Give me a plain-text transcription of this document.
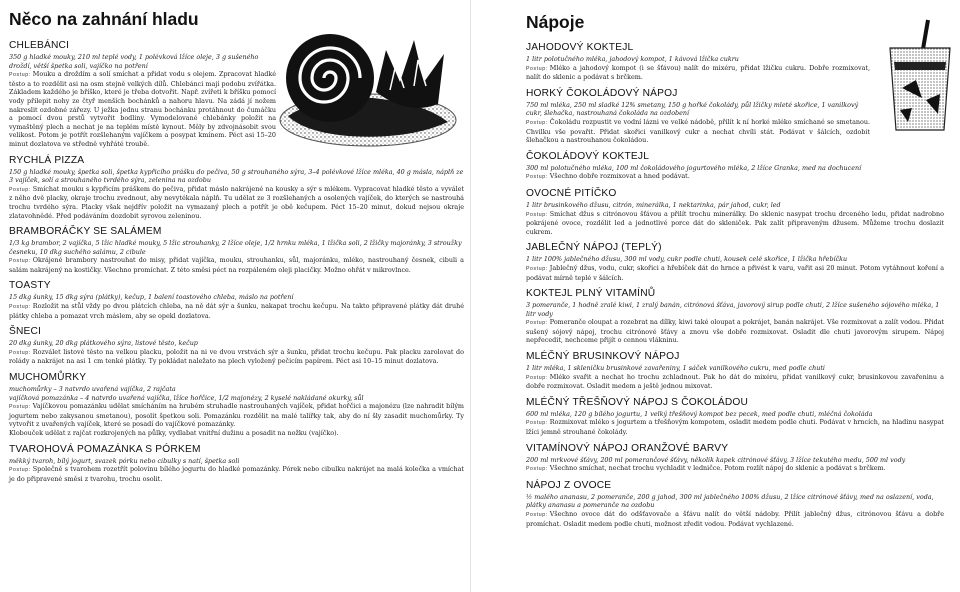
Něco na zahnání hladu
CHLEBÁNCI
350 g hladké mouky, 210 ml teplé vody, 1 polévková lžíce oleje, 3 g sušeného droždí, větší špetka soli, vajíčko na potření
Postup: Mouku a droždím a solí smíchat a přidat vodu s olejem. Zpracovat hladké těsto a to rozdělit asi na osm stejně velkých dílů. Chlebánci mají podobu zvířátka. Základem každého je bříško, které je třeba dotvořit. Např. zvířeti k bříšku pomocí vody přilepit nohy ze čtyř menších bochánků a nahoru hlavu. Na zádá jí nožem nakreslit ozdobné zářezy. U ježka jednu stranu bochánku protáhnout do čumáčku a pomocí dvou prstů vytvořit bodliny. Vymodelované chlebánky položit na vymaštěný plech a nechat je na teplém místě kynout. Měly by zdvojnásobit svou velikost. Potom je potřít rozšlehaným vajíčkem a posypat kmínem. Péct asi 15–20 minut dozlatova ve středně vyhřáté troubě.
RYCHLÁ PIZZA
150 g hladké mouky, špetka soli, špetka kypřicího prášku do pečiva, 50 g strouhaného sýra, 3–4 polévkové lžíce mléka, 40 g másla, náplň ze 3 vajíček, solí a strouhaného tvrdého sýra, zelenina na ozdobu
Postup: Smíchat mouku s kypřicím práškem do pečiva, přidat máslo nakrájené na kousky a sýr s mlékem. Vypracovat hladké těsto a vyválet z něho dvě placky, okraje trochu zvednout, aby nevytékala náplň. Tu udělat ze 3 rozšlehaných a osolených vajíček, do kterých se nastrouhá trochu tvrdého sýra. Placky však nejdřív položit na vymazaný plech a potřít je obě kečupem. Péct 15–20 minut, dokud nejsou okraje zlatavohnědé. Před podáváním dozdobit syrovou zeleninou.
BRAMBORÁČKY SE SALÁMEM
1/3 kg brambor, 2 vajíčka, 5 lžic hladké mouky, 5 lžic strouhanky, 2 lžíce oleje, 1/2 hrnku mléka, 1 lžička soli, 2 lžičky majoránky, 3 stroužky česneku, 10 dkg suchého salámu, 2 cibule
Postup: Okrájené brambory nastrouhat do misy, přidat vajíčka, mouku, strouhanku, sůl, majoránku, mléko, nastrouhaný česnek, cibuli a salám nakrájený na kostičky. Všechno promíchat. Z této směsi péct na rozpáleném oleji placičky. Možno ohřát v mikrovlnce.
TOASTY
15 dkg šunky, 15 dkg sýra (plátky), kečup, 1 balení toastového chleba, máslo na potření
Postup: Rozložit na stůl vždy po dvou plátcích chleba, na ně dát sýr a šunku, nakapat trochu kečupu. Na takto připravené plátky dát druhé plátky chleba a pomazat vrch máslem, aby se opekl dozlatova.
ŠNECI
20 dkg šunky, 20 dkg plátkového sýra, listové těsto, kečup
Postup: Rozválet listové těsto na velkou placku, položit na ni ve dvou vrstvách sýr a šunku, přidat trochu kečupu. Pak placku zarolovat do rolády a nakrájet na asi 1 cm tenké plátky. Ty pokládat naležato na plech vyložený pečicím papírem. Péct asi 10–15 minut dozlatova.
MUCHOMŮRKY
muchomůrky – 3 natvrdo uvařená vajíčka, 2 rajčata
vajíčková pomazánka – 4 natvrdo uvařená vajíčka, lžíce hořčice, 1/2 majonézy, 2 kyselé nakládané okurky, sůl
Postup: Vajíčkovou pomazánku udělat smícháním na hrubém struhadle nastrouhaných vajíček, přidat hořčici a majonézu (lze nahradit bílým jogurtem nebo zakysanou smetanou), posolit špetkou soli. Pomazánku rozdělit na malé talířky tak, aby do ní šly zasadit muchomůrky. Ty vytvořit z uvařených vajíček, které se posadí do vajíčkové pomazánky.
Klobouček udělat z rajčat rozkrojených na půlky, vydlabat vnitřní dužinu a posadit na nožku (vajíčko).
TVAROHOVÁ POMAZÁNKA S PÓRKEM
měkký tvaroh, bílý jogurt, svazek pórku nebo cibulky s natí, špetka soli
Postup: Společně s tvarohem rozetřít polovinu bílého jogurtu do hladké pomazánky. Pórek nebo cibulku nakrájet na malá kolečka a vmíchat je do připravené směsi z tvarohu, trochu osolit.
Nápoje
JAHODOVÝ KOKTEJL
1 litr polotučného mléka, jahodový kompot, 1 kávová lžička cukru
Postup: Mléko a jahodový kompot (i se šťávou) nalít do mixéru, přidat lžičku cukru. Dobře rozmixovat, nalít do sklenic a podávat s brčkem.
HORKÝ ČOKOLÁDOVÝ NÁPOJ
750 ml mléka, 250 ml sladké 12% smetany, 150 g hořké čokolády, půl lžičky mleté skořice, 1 vanilkový cukr, šlehačka, nastrouhaná čokoláda na ozdobení
Postup: Čokoládu rozpustit ve vodní lázni ve velké nádobě, přilít k ní horké mléko smíchané se smetanou. Chvilku vše povařit. Přidat skořici vanilkový cukr a nechat chvíli stát. Podávat v šálcích, ozdobit šlehačkou a nastrouhanou čokoládou.
ČOKOLÁDOVÝ KOKTEJL
300 ml polotučného mléka, 100 ml čokoládového jogurtového mléka, 2 lžíce Granka, med na dochucení
Postup: Všechno dobře rozmixovat a hned podávat.
OVOCNÉ PITÍČKO
1 litr brusinkového džusu, citrón, minerálka, 1 nektarinka, pár jahod, cukr, led
Postup: Smíchat džus s citrónovou šťávou a přilít trochu minerálky. Do sklenic nasypat trochu drceného ledu, přidat nadrobno pokrájené ovoce, rozdělit led a jednotlivé porce dát do skleniček. Pak zalít připraveným džusem. Můžeme trochu doslazit cukrem.
JABLEČNÝ NÁPOJ (TEPLÝ)
1 litr 100% jablečného džusu, 300 ml vody, cukr podle chuti, kousek celé skořice, 1 lžička hřebíčku
Postup: Jablečný džus, vodu, cukr, skořici a hřebíček dát do hrnce a přivést k varu, vařit asi 20 minut. Potom vytáhnout koření a podávat mírně teplé v šálcích.
KOKTEJL PLNÝ VITAMÍNŮ
3 pomeranče, 1 hodně zralé kiwi, 1 zralý banán, citrónová šťáva, javorový sirup podle chuti, 2 lžíce sušeného sójového mléka, 1 litr vody
Postup: Pomeranče oloupat a rozebrat na dílky, kiwi také oloupat a pokrájet, banán nakrájet. Vše rozmixovat a zalít vodou. Přidat sušený sójový nápoj, trochu citrónové šťávy a znovu vše dobře rozmixovat. Osladit dle chuti javorovým sirupem. Nápoj nepřecedit, nechceme přijít o cennou vlákninu.
MLÉČNÝ BRUSINKOVÝ NÁPOJ
1 litr mléka, 1 skleničku brusinkové zavařeniny, 1 sáček vanilkového cukru, med podle chuti
Postup: Mléko svařit a nechat ho trochu zchladnout. Pak ho dát do mixéru, přidat vanilkový cukr, brusinkovou zavařeninu a dobře rozmixovat. Osladit medem a ještě jednou mixovat.
MLÉČNÝ TŘEŠŇOVÝ NÁPOJ S ČOKOLÁDOU
600 ml mléka, 120 g bílého jogurtu, 1 velký třešňový kompot bez pecek, med podle chuti, mléčná čokoláda
Postup: Rozmixovat mléko s jogurtem a třešňovým kompotem, osladit medem podle chuti. Podávat v hrncích, na hladinu nasypat lžíci jemně strouhané čokolády.
VITAMÍNOVÝ NÁPOJ ORANŽOVÉ BARVY
200 ml mrkvové šťávy, 200 ml pomerančové šťávy, několik kapek citrónové šťávy, 3 lžíce tekutého medu, 500 ml vody
Postup: Všechno smíchat, nechat trochu vychladit v ledničce. Potom rozlít nápoj do sklenic a podávat s brčkem.
NÁPOJ Z OVOCE
½ malého ananasu, 2 pomeranče, 200 g jahod, 300 ml jablečného 100% džusu, 2 lžíce citrónové šťávy, med na oslazení, voda, plátky ananasu a pomeranče na ozdobu
Postup: Všechno ovoce dát do odšťavovače a šťávu nalít do větší nádoby. Přilít jablečný džus, citrónovou šťávu a dobře promíchat. Osladit medem podle chuti, možnost zředit vodou. Podávat vychlazené.
